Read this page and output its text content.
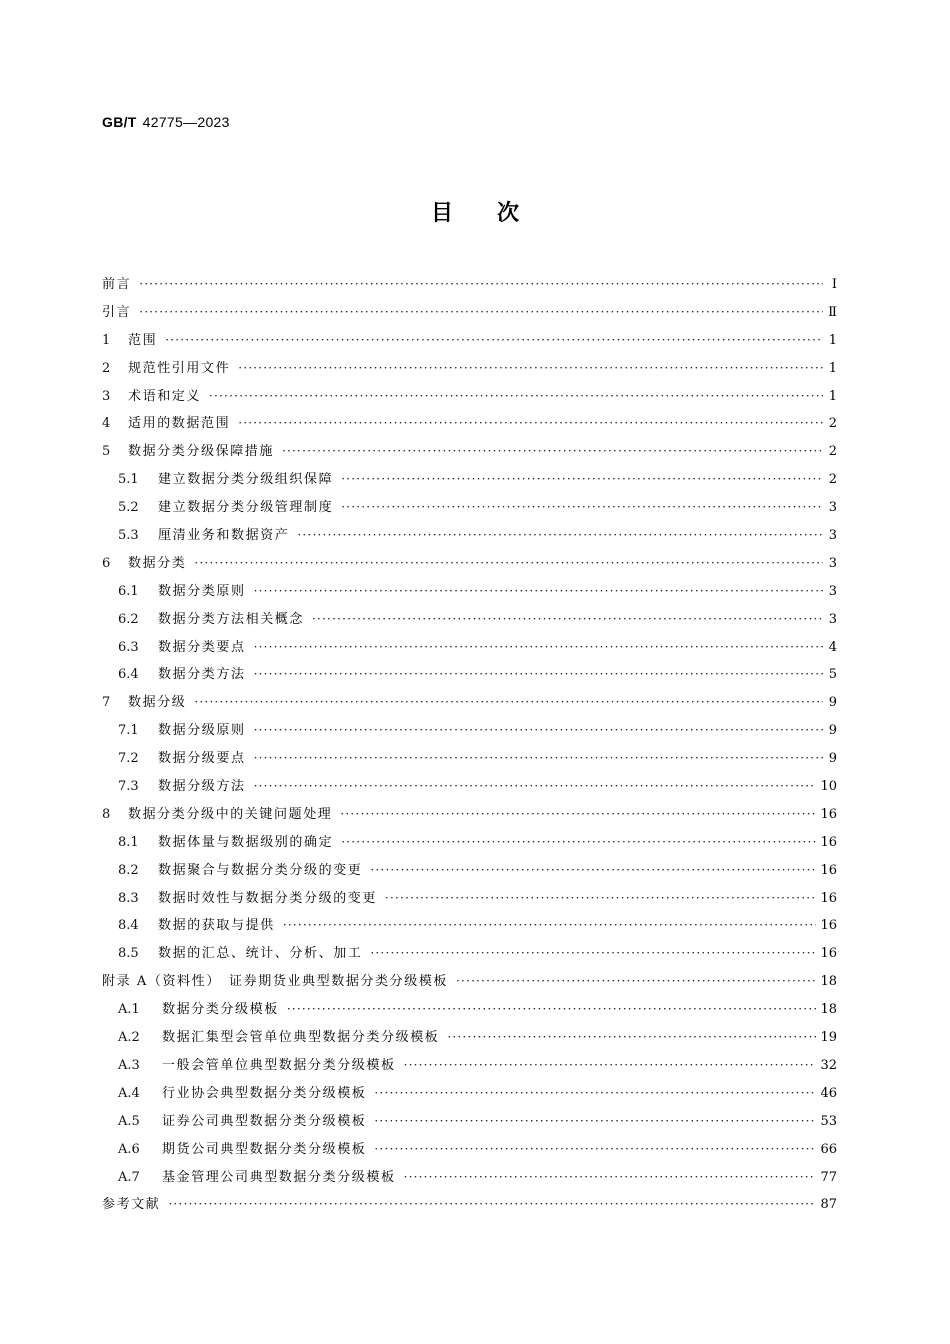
GB/T 42775—2023
目次
前言 ·····	Ⅰ
引言 ·····	Ⅱ
1	范围 ·····	1
2	规范性引用文件 ·····	1
3	术语和定义 ·····	1
4	适用的数据范围 ·····	2
5	数据分类分级保障措施 ·····	2
5.1	建立数据分类分级组织保障 ·····	2
5.2	建立数据分类分级管理制度 ·····	3
5.3	厘清业务和数据资产 ·····	3
6	数据分类 ·····	3
6.1	数据分类原则 ·····	3
6.2	数据分类方法相关概念 ·····	3
6.3	数据分类要点 ·····	4
6.4	数据分类方法 ·····	5
7	数据分级 ·····	9
7.1	数据分级原则 ·····	9
7.2	数据分级要点 ·····	9
7.3	数据分级方法 ·····	10
8	数据分类分级中的关键问题处理 ·····	16
8.1	数据体量与数据级别的确定 ·····	16
8.2	数据聚合与数据分类分级的变更 ·····	16
8.3	数据时效性与数据分类分级的变更 ·····	16
8.4	数据的获取与提供 ·····	16
8.5	数据的汇总、统计、分析、加工 ·····	16
附录 A（资料性）　证券期货业典型数据分类分级模板 ·····	18
A.1	数据分类分级模板 ·····	18
A.2	数据汇集型会管单位典型数据分类分级模板 ·····	19
A.3	一般会管单位典型数据分类分级模板 ·····	32
A.4	行业协会典型数据分类分级模板 ·····	46
A.5	证券公司典型数据分类分级模板 ·····	53
A.6	期货公司典型数据分类分级模板 ·····	66
A.7	基金管理公司典型数据分类分级模板 ·····	77
参考文献 ·····	87
